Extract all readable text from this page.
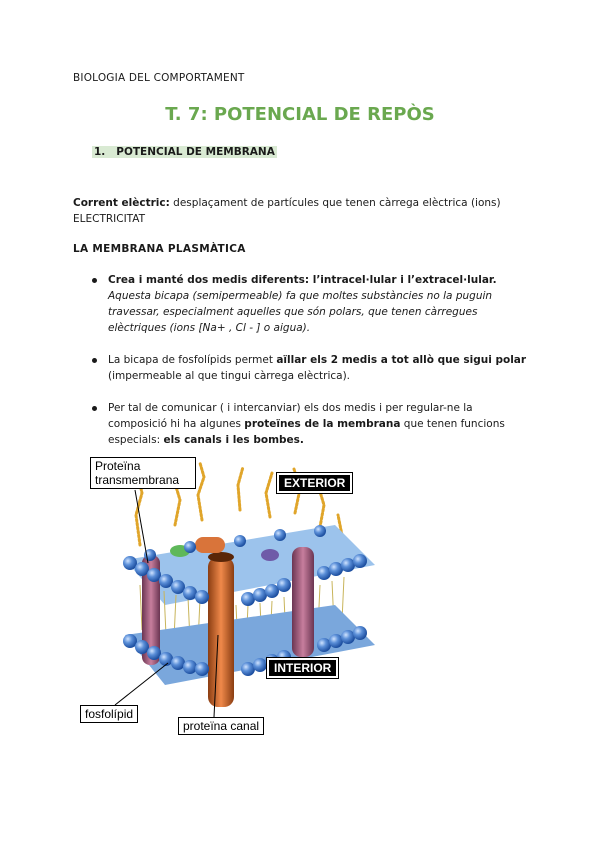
BIOLOGIA DEL COMPORTAMENT
T. 7: POTENCIAL DE REPÒS
1. POTENCIAL DE MEMBRANA
Corrent elèctric: desplaçament de partícules que tenen càrrega elèctrica (ions)
ELECTRICITAT
LA MEMBRANA PLASMÀTICA
Crea i manté dos medis diferents: l’intracel·lular i l’extracel·lular. Aquesta bicapa (semipermeable) fa que moltes substàncies no la puguin travessar, especialment aquelles que són polars, que tenen càrregues elèctriques (ions [Na+ , Cl - ] o aigua).
La bicapa de fosfolípids permet aïllar els 2 medis a tot allò que sigui polar (impermeable al que tingui càrrega elèctrica).
Per tal de comunicar ( i intercanviar) els dos medis i per regular-ne la composició hi ha algunes proteïnes de la membrana que tenen funcions especials: els canals i les bombes.
Proteïna
transmembrana	EXTERIOR
INTERIOR
fosfolípid
proteïna canal
